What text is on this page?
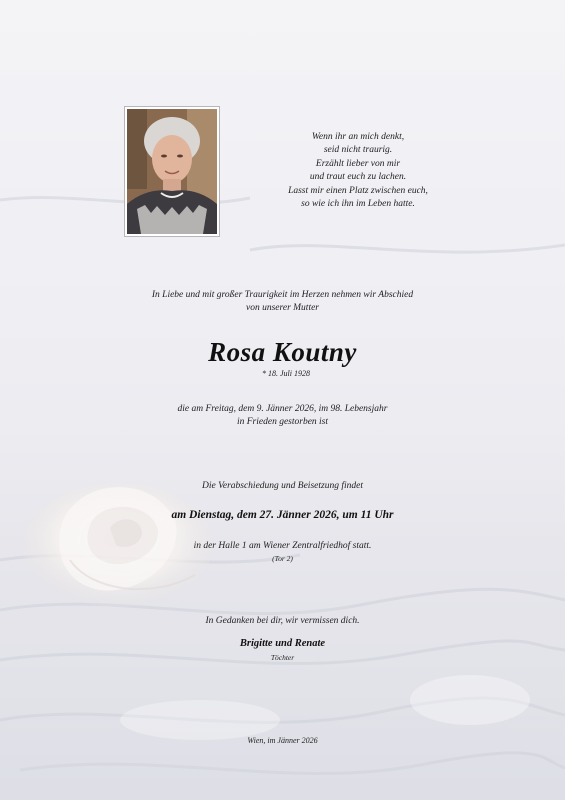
Wenn ihr an mich denkt,
seid nicht traurig.
Erzählt lieber von mir
und traut euch zu lachen.
Lasst mir einen Platz zwischen euch,
so wie ich ihn im Leben hatte.
In Liebe und mit großer Traurigkeit im Herzen nehmen wir Abschied
von unserer Mutter
Rosa Koutny
* 18. Juli 1928
die am Freitag, dem 9. Jänner 2026, im 98. Lebensjahr
in Frieden gestorben ist
Die Verabschiedung und Beisetzung findet
am Dienstag, dem 27. Jänner 2026, um 11 Uhr
in der Halle 1 am Wiener Zentralfriedhof statt.
(Tor 2)
In Gedanken bei dir, wir vermissen dich.
Brigitte und Renate
Töchter
Wien, im Jänner 2026
